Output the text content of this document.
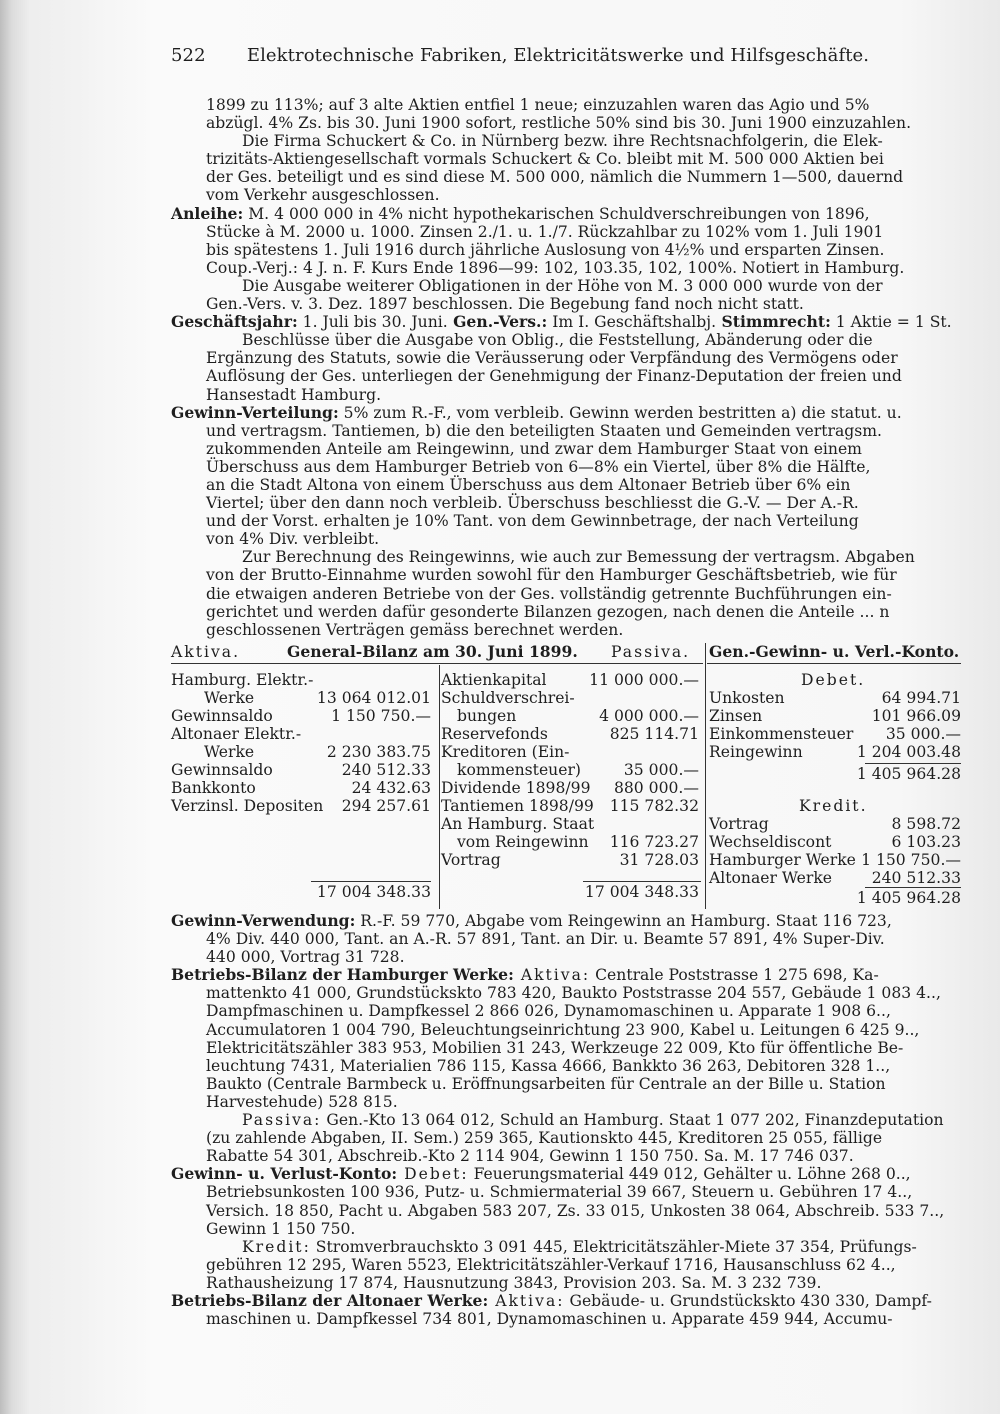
522 Elektrotechnische Fabriken, Elektricitätswerke und Hilfsgeschäfte.
1899 zu 113%; auf 3 alte Aktien entfiel 1 neue; einzuzahlen waren das Agio und 5%
abzügl. 4% Zs. bis 30. Juni 1900 sofort, restliche 50% sind bis 30. Juni 1900 einzuzahlen.
Die Firma Schuckert & Co. in Nürnberg bezw. ihre Rechtsnachfolgerin, die Elek-
trizitäts-Aktiengesellschaft vormals Schuckert & Co. bleibt mit M. 500 000 Aktien bei
der Ges. beteiligt und es sind diese M. 500 000, nämlich die Nummern 1—500, dauernd
vom Verkehr ausgeschlossen.
Anleihe: M. 4 000 000 in 4% nicht hypothekarischen Schuldverschreibungen von 1896,
Stücke à M. 2000 u. 1000. Zinsen 2./1. u. 1./7. Rückzahlbar zu 102% vom 1. Juli 1901
bis spätestens 1. Juli 1916 durch jährliche Auslosung von 4½% und ersparten Zinsen.
Coup.-Verj.: 4 J. n. F. Kurs Ende 1896—99: 102, 103.35, 102, 100%. Notiert in Hamburg.
Die Ausgabe weiterer Obligationen in der Höhe von M. 3 000 000 wurde von der
Gen.-Vers. v. 3. Dez. 1897 beschlossen. Die Begebung fand noch nicht statt.
Geschäftsjahr: 1. Juli bis 30. Juni. Gen.-Vers.: Im I. Geschäftshalbj. Stimmrecht: 1 Aktie = 1 St.
Beschlüsse über die Ausgabe von Oblig., die Feststellung, Abänderung oder die
Ergänzung des Statuts, sowie die Veräusserung oder Verpfändung des Vermögens oder
Auflösung der Ges. unterliegen der Genehmigung der Finanz-Deputation der freien und
Hansestadt Hamburg.
Gewinn-Verteilung: 5% zum R.-F., vom verbleib. Gewinn werden bestritten a) die statut. u.
und vertragsm. Tantiemen, b) die den beteiligten Staaten und Gemeinden vertragsm.
zukommenden Anteile am Reingewinn, und zwar dem Hamburger Staat von einem
Überschuss aus dem Hamburger Betrieb von 6—8% ein Viertel, über 8% die Hälfte,
an die Stadt Altona von einem Überschuss aus dem Altonaer Betrieb über 6% ein
Viertel; über den dann noch verbleib. Überschuss beschliesst die G.-V. — Der A.-R.
und der Vorst. erhalten je 10% Tant. von dem Gewinnbetrage, der nach Verteilung
von 4% Div. verbleibt.
Zur Berechnung des Reingewinns, wie auch zur Bemessung der vertragsm. Abgaben
von der Brutto-Einnahme wurden sowohl für den Hamburger Geschäftsbetrieb, wie für
die etwaigen anderen Betriebe von der Ges. vollständig getrennte Buchführungen ein-
gerichtet und werden dafür gesonderte Bilanzen gezogen, nach denen die Anteile ... n
geschlossenen Verträgen gemäss berechnet werden.
Aktiva.	General-Bilanz am 30. Juni 1899. Passiva. Gen.-Gewinn- u. Verl.-Konto.
Hamburg. Elektr.-
Werke	13 064 012.01
Gewinnsaldo	1 150 750.—
Altonaer Elektr.-
Werke	2 230 383.75
Gewinnsaldo	240 512.33
Bankkonto	24 432.63
Verzinsl. Depositen 294 257.61
17 004 348.33
Aktienkapital	11 000 000.—
Schuldverschrei-
bungen	4 000 000.—
Reservefonds	825 114.71
Kreditoren (Ein-
kommensteuer)	35 000.—
Dividende 1898/99 880 000.—
Tantiemen 1898/99 115 782.32
An Hamburg. Staat
vom Reingewinn 116 723.27
Vortrag	31 728.03
17 004 348.33
Debet.
Unkosten	64 994.71
Zinsen	101 966.09
Einkommensteuer 35 000.—
Reingewinn	1 204 003.48
1 405 964.28
Kredit.
Vortrag	8 598.72
Wechseldiscont	6 103.23
Hamburger Werke 1 150 750.—
Altonaer Werke	240 512.33
1 405 964.28
Gewinn-Verwendung: R.-F. 59 770, Abgabe vom Reingewinn an Hamburg. Staat 116 723,
4% Div. 440 000, Tant. an A.-R. 57 891, Tant. an Dir. u. Beamte 57 891, 4% Super-Div.
440 000, Vortrag 31 728.
Betriebs-Bilanz der Hamburger Werke: Aktiva: Centrale Poststrasse 1 275 698, Ka-
mattenkto 41 000, Grundstückskto 783 420, Baukto Poststrasse 204 557, Gebäude 1 083 4..,
Dampfmaschinen u. Dampfkessel 2 866 026, Dynamomaschinen u. Apparate 1 908 6..,
Accumulatoren 1 004 790, Beleuchtungseinrichtung 23 900, Kabel u. Leitungen 6 425 9..,
Elektricitätszähler 383 953, Mobilien 31 243, Werkzeuge 22 009, Kto für öffentliche Be-
leuchtung 7431, Materialien 786 115, Kassa 4666, Bankkto 36 263, Debitoren 328 1..,
Baukto (Centrale Barmbeck u. Eröffnungsarbeiten für Centrale an der Bille u. Station
Harvestehude) 528 815.
Passiva: Gen.-Kto 13 064 012, Schuld an Hamburg. Staat 1 077 202, Finanzdeputation
(zu zahlende Abgaben, II. Sem.) 259 365, Kautionskto 445, Kreditoren 25 055, fällige
Rabatte 54 301, Abschreib.-Kto 2 114 904, Gewinn 1 150 750. Sa. M. 17 746 037.
Gewinn- u. Verlust-Konto: Debet: Feuerungsmaterial 449 012, Gehälter u. Löhne 268 0..,
Betriebsunkosten 100 936, Putz- u. Schmiermaterial 39 667, Steuern u. Gebühren 17 4..,
Versich. 18 850, Pacht u. Abgaben 583 207, Zs. 33 015, Unkosten 38 064, Abschreib. 533 7..,
Gewinn 1 150 750.
Kredit: Stromverbrauchskto 3 091 445, Elektricitätszähler-Miete 37 354, Prüfungs-
gebühren 12 295, Waren 5523, Elektricitätszähler-Verkauf 1716, Hausanschluss 62 4..,
Rathausheizung 17 874, Hausnutzung 3843, Provision 203. Sa. M. 3 232 739.
Betriebs-Bilanz der Altonaer Werke: Aktiva: Gebäude- u. Grundstückskto 430 330, Dampf-
maschinen u. Dampfkessel 734 801, Dynamomaschinen u. Apparate 459 944, Accumu-
